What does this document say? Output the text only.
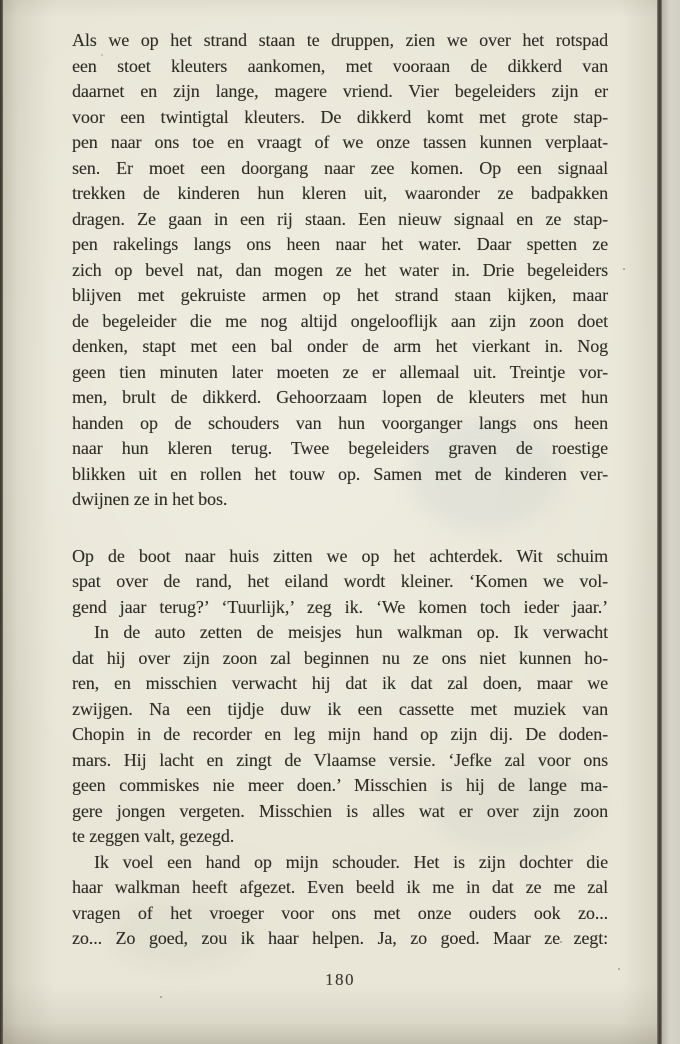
Als we op het strand staan te druppen, zien we over het rotspad
een stoet kleuters aankomen, met vooraan de dikkerd van
daarnet en zijn lange, magere vriend. Vier begeleiders zijn er
voor een twintigtal kleuters. De dikkerd komt met grote stap-
pen naar ons toe en vraagt of we onze tassen kunnen verplaat-
sen. Er moet een doorgang naar zee komen. Op een signaal
trekken de kinderen hun kleren uit, waaronder ze badpakken
dragen. Ze gaan in een rij staan. Een nieuw signaal en ze stap-
pen rakelings langs ons heen naar het water. Daar spetten ze
zich op bevel nat, dan mogen ze het water in. Drie begeleiders
blijven met gekruiste armen op het strand staan kijken, maar
de begeleider die me nog altijd ongelooflijk aan zijn zoon doet
denken, stapt met een bal onder de arm het vierkant in. Nog
geen tien minuten later moeten ze er allemaal uit. Treintje vor-
men, brult de dikkerd. Gehoorzaam lopen de kleuters met hun
handen op de schouders van hun voorganger langs ons heen
naar hun kleren terug. Twee begeleiders graven de roestige
blikken uit en rollen het touw op. Samen met de kinderen ver-
dwijnen ze in het bos.
Op de boot naar huis zitten we op het achterdek. Wit schuim
spat over de rand, het eiland wordt kleiner. ‘Komen we vol-
gend jaar terug?’ ‘Tuurlijk,’ zeg ik. ‘We komen toch ieder jaar.’
In de auto zetten de meisjes hun walkman op. Ik verwacht
dat hij over zijn zoon zal beginnen nu ze ons niet kunnen ho-
ren, en misschien verwacht hij dat ik dat zal doen, maar we
zwijgen. Na een tijdje duw ik een cassette met muziek van
Chopin in de recorder en leg mijn hand op zijn dij. De doden-
mars. Hij lacht en zingt de Vlaamse versie. ‘Jefke zal voor ons
geen commiskes nie meer doen.’ Misschien is hij de lange ma-
gere jongen vergeten. Misschien is alles wat er over zijn zoon
te zeggen valt, gezegd.
Ik voel een hand op mijn schouder. Het is zijn dochter die
haar walkman heeft afgezet. Even beeld ik me in dat ze me zal
vragen of het vroeger voor ons met onze ouders ook zo...
zo... Zo goed, zou ik haar helpen. Ja, zo goed. Maar ze zegt:
180
